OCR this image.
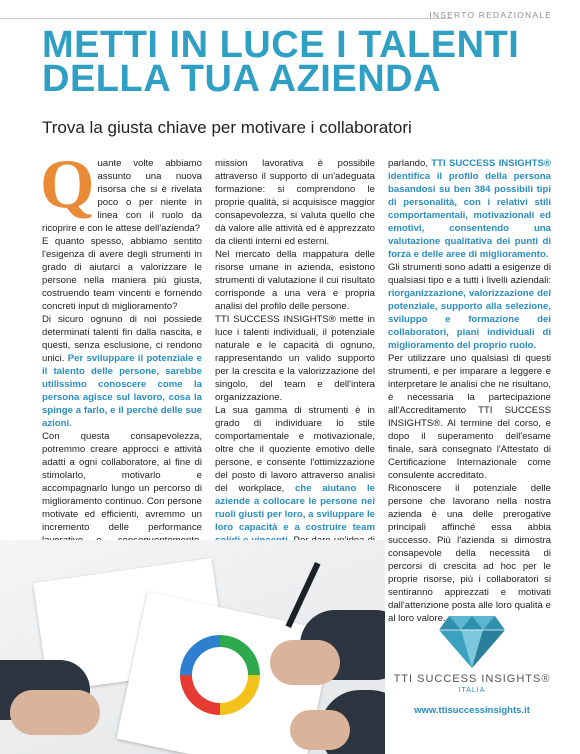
INSERTO REDAZIONALE
METTI IN LUCE I TALENTI
DELLA TUA AZIENDA
Trova la giusta chiave per motivare i collaboratori

Quante volte abbiamo assunto una nuova risorsa che si è rivelata poco o per niente in linea con il ruolo da ricoprire e con le attese dell'azienda?

E quanto spesso, abbiamo sentito l'esigenza di avere degli strumenti in grado di aiutarci a valorizzare le persone nella maniera più giusta, costruendo team vincenti e fornendo concreti input di miglioramento?

Di sicuro ognuno di noi possiede determinati talenti fin dalla nascita, e questi, senza esclusione, ci rendono unici. Per sviluppare il potenziale e il talento delle persone, sarebbe utilissimo conoscere come la persona agisce sul lavoro, cosa la spinge a farlo, e il perché delle sue azioni.

Con questa consapevolezza, potremmo creare approcci e attività adatti a ogni collaboratore, al fine di stimolarlo, motivarlo e accompagnarlo lungo un percorso di miglioramento continuo. Con persone motivate ed efficienti, avremmo un incremento delle performance

mission lavorativa è possibile attraverso il supporto di un'adeguata formazione: si comprendono le proprie qualità, si acquisisce maggior consapevolezza, si valuta quello che dà valore alle attività ed è apprezzato da clienti interni ed esterni.

Nel mercato della mappatura delle risorse umane in azienda, esistono strumenti di valutazione il cui risultato corrisponde a una vera e propria analisi del profilo delle persone.

TTI SUCCESS INSIGHTS® mette in luce i talenti individuali, il potenziale naturale e le capacità di ognuno, rappresentando un valido supporto per la crescita e la valorizzazione del singolo, del team e dell'intera organizzazione.

La sua gamma di strumenti è in grado di individuare lo stile comportamentale e motivazionale, oltre che il quoziente emotivo delle persone, e consente l'ottimizzazione del posto di lavoro attraverso analisi del workplace, che aiutano le aziende a collocare le persone nei ruoli giusti per loro, a sviluppare le loro capacità e a costruire team

parlando, TTI SUCCESS INSIGHTS® identifica il profilo della persona basandosi su ben 384 possibili tipi di personalità, con i relativi stili comportamentali, motivazionali ed emotivi, consentendo una valutazione qualitativa dei punti di forza e delle aree di miglioramento.

Gli strumenti sono adatti a esigenze di qualsiasi tipo e a tutti i livelli aziendali: riorganizzazione, valorizzazione del potenziale, supporto alla selezione, sviluppo e formazione dei collaboratori, piani individuali di miglioramento del proprio ruolo.

Per utilizzare uno qualsiasi di questi strumenti, e per imparare a leggere e interpretare le analisi che ne risultano, è necessaria la partecipazione all'Accreditamento TTI SUCCESS INSIGHTS®. Al termine del corso, e dopo il superamento dell'esame finale, sarà consegnato l'Attestato di Certificazione Internazionale come consulente accreditato.

Riconoscere il potenziale delle persone che lavorano nella nostra azienda è una delle prerogative principali affinché essa abbia successo. Più l'azienda si dimostra consapevole della necessità di percorsi di crescita ad hoc per le proprie risorse, più i collaboratori si sentiranno apprezzati e motivati dall'attenzione posta alle loro qualità e al loro valore.

TTI SUCCESS INSIGHTS®
ITALIA
www.ttisuccessinsights.it
